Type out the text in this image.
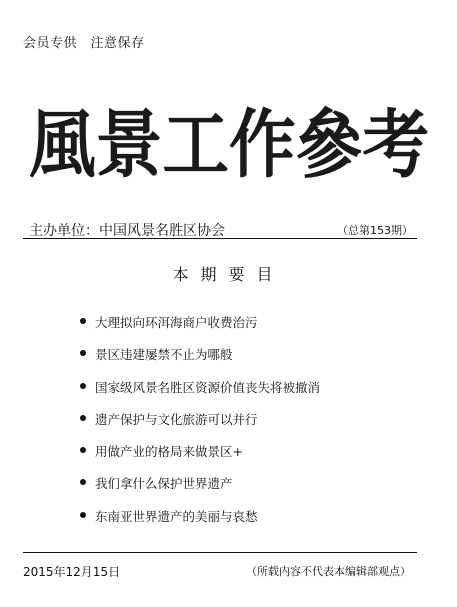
会员专供　注意保存
風景工作參考
主办单位：中国风景名胜区协会	（总第153期）
本期要目
大理拟向环洱海商户收费治污
景区违建屡禁不止为哪般
国家级风景名胜区资源价值丧失将被撤消
遗产保护与文化旅游可以并行
用做产业的格局来做景区+
我们拿什么保护世界遗产
东南亚世界遗产的美丽与哀愁
2015年12月15日	（所载内容不代表本编辑部观点）
